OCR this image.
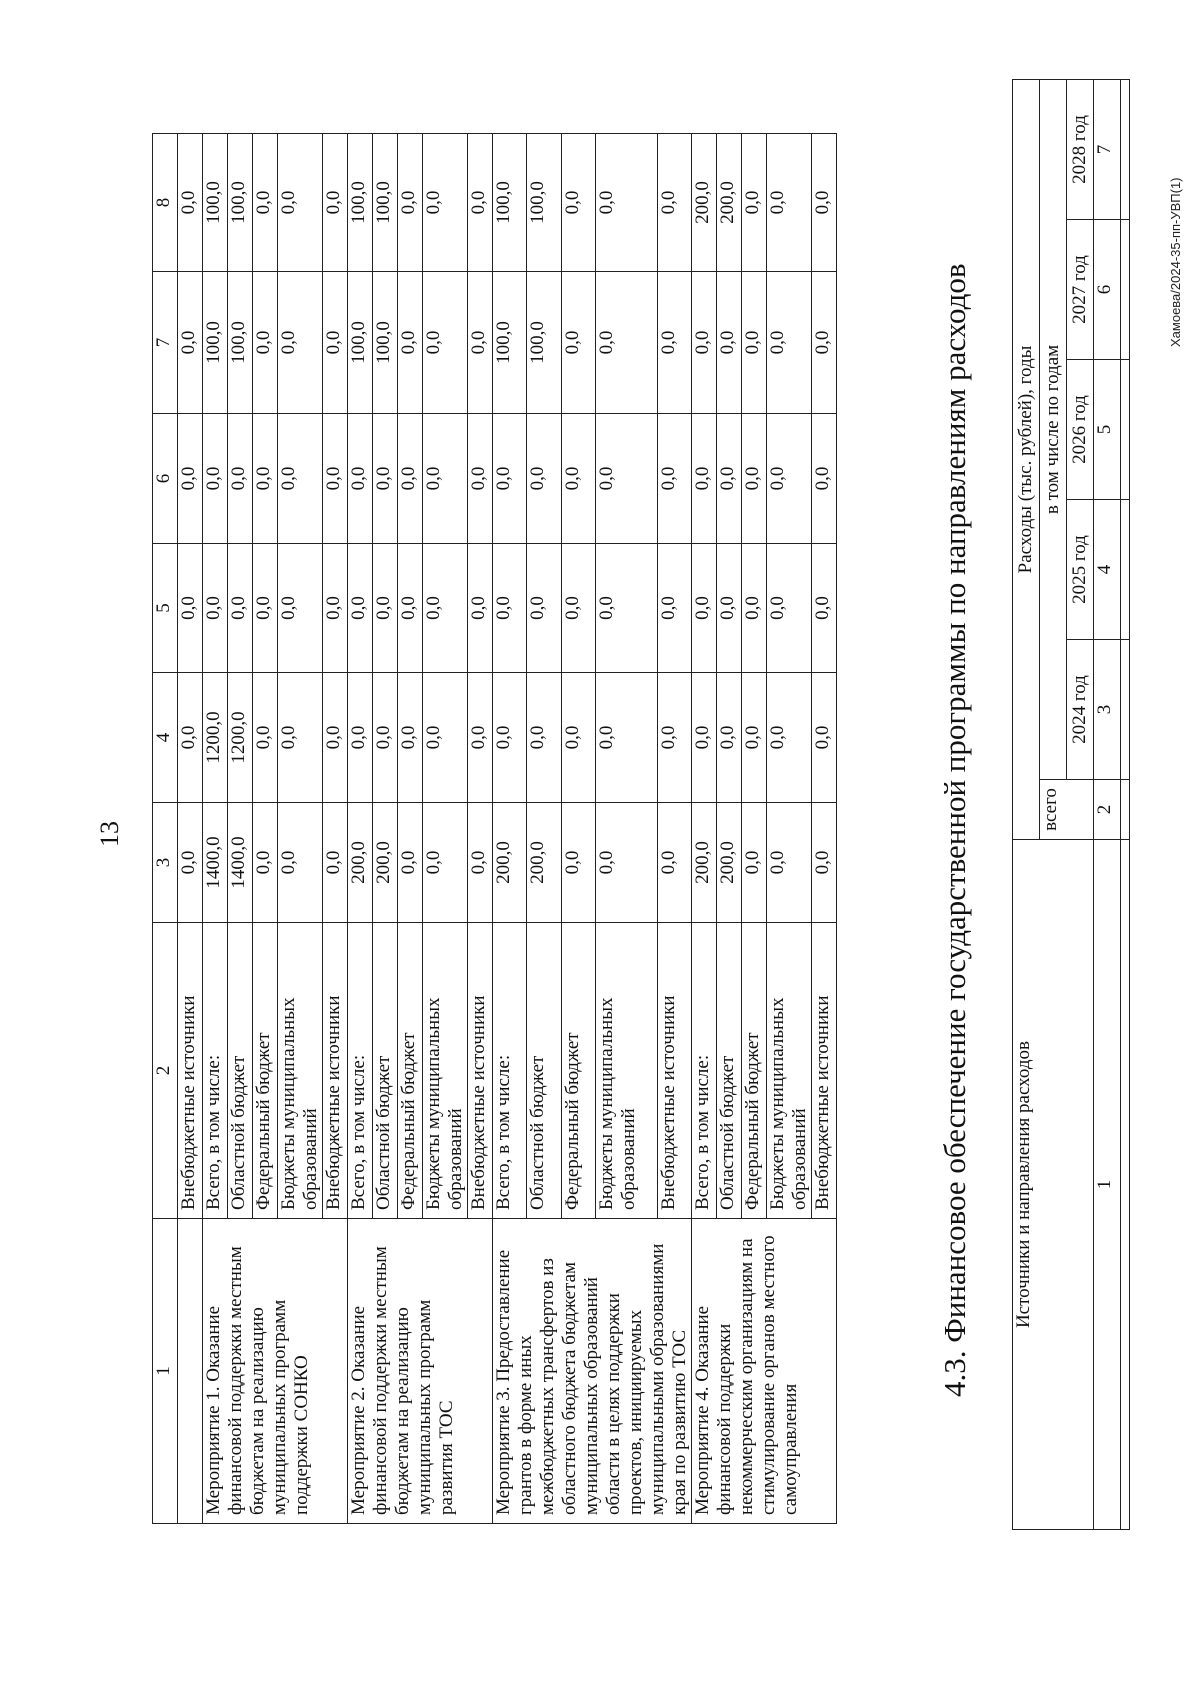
13
1	2	3	4	5	6	7	8
	Внебюджетные источники	0,0	0,0	0,0	0,0	0,0	0,0
Мероприятие 1. Оказание финансовой поддержки местным бюджетам на реализацию муниципальных программ поддержки СОНКО	Всего, в том числе:	1400,0	1200,0	0,0	0,0	100,0	100,0
	Областной бюджет	1400,0	1200,0	0,0	0,0	100,0	100,0
	Федеральный бюджет	0,0	0,0	0,0	0,0	0,0	0,0
	Бюджеты муниципальных образований	0,0	0,0	0,0	0,0	0,0	0,0
	Внебюджетные источники	0,0	0,0	0,0	0,0	0,0	0,0
Мероприятие 2. Оказание финансовой поддержки местным бюджетам на реализацию муниципальных программ развития ТОС	Всего, в том числе:	200,0	0,0	0,0	0,0	100,0	100,0
	Областной бюджет	200,0	0,0	0,0	0,0	100,0	100,0
	Федеральный бюджет	0,0	0,0	0,0	0,0	0,0	0,0
	Бюджеты муниципальных образований	0,0	0,0	0,0	0,0	0,0	0,0
	Внебюджетные источники	0,0	0,0	0,0	0,0	0,0	0,0
Мероприятие 3. Предоставление грантов в форме иных межбюджетных трансфертов из областного бюджета бюджетам муниципальных образований области в целях поддержки проектов, инициируемых муниципальными образованиями края по развитию ТОС	Всего, в том числе:	200,0	0,0	0,0	0,0	100,0	100,0
	Областной бюджет	200,0	0,0	0,0	0,0	100,0	100,0
	Федеральный бюджет	0,0	0,0	0,0	0,0	0,0	0,0
	Бюджеты муниципальных образований	0,0	0,0	0,0	0,0	0,0	0,0
	Внебюджетные источники	0,0	0,0	0,0	0,0	0,0	0,0
Мероприятие 4. Оказание финансовой поддержки некоммерческим организациям на стимулирование органов местного самоуправления	Всего, в том числе:	200,0	0,0	0,0	0,0	0,0	200,0
	Областной бюджет	200,0	0,0	0,0	0,0	0,0	200,0
	Федеральный бюджет	0,0	0,0	0,0	0,0	0,0	0,0
	Бюджеты муниципальных образований	0,0	0,0	0,0	0,0	0,0	0,0
	Внебюджетные источники	0,0	0,0	0,0	0,0	0,0	0,0
4.3. Финансовое обеспечение государственной программы по направлениям расходов Источники и направления расходов	Расходы (тыс. рублей), годы					
	всего	в том числе по годам				
		2024 год	2025 год	2026 год	2027 год	2028 год
1	2	3	4	5	6	7

Хамоева/2024-35-пп-УВП(1)
